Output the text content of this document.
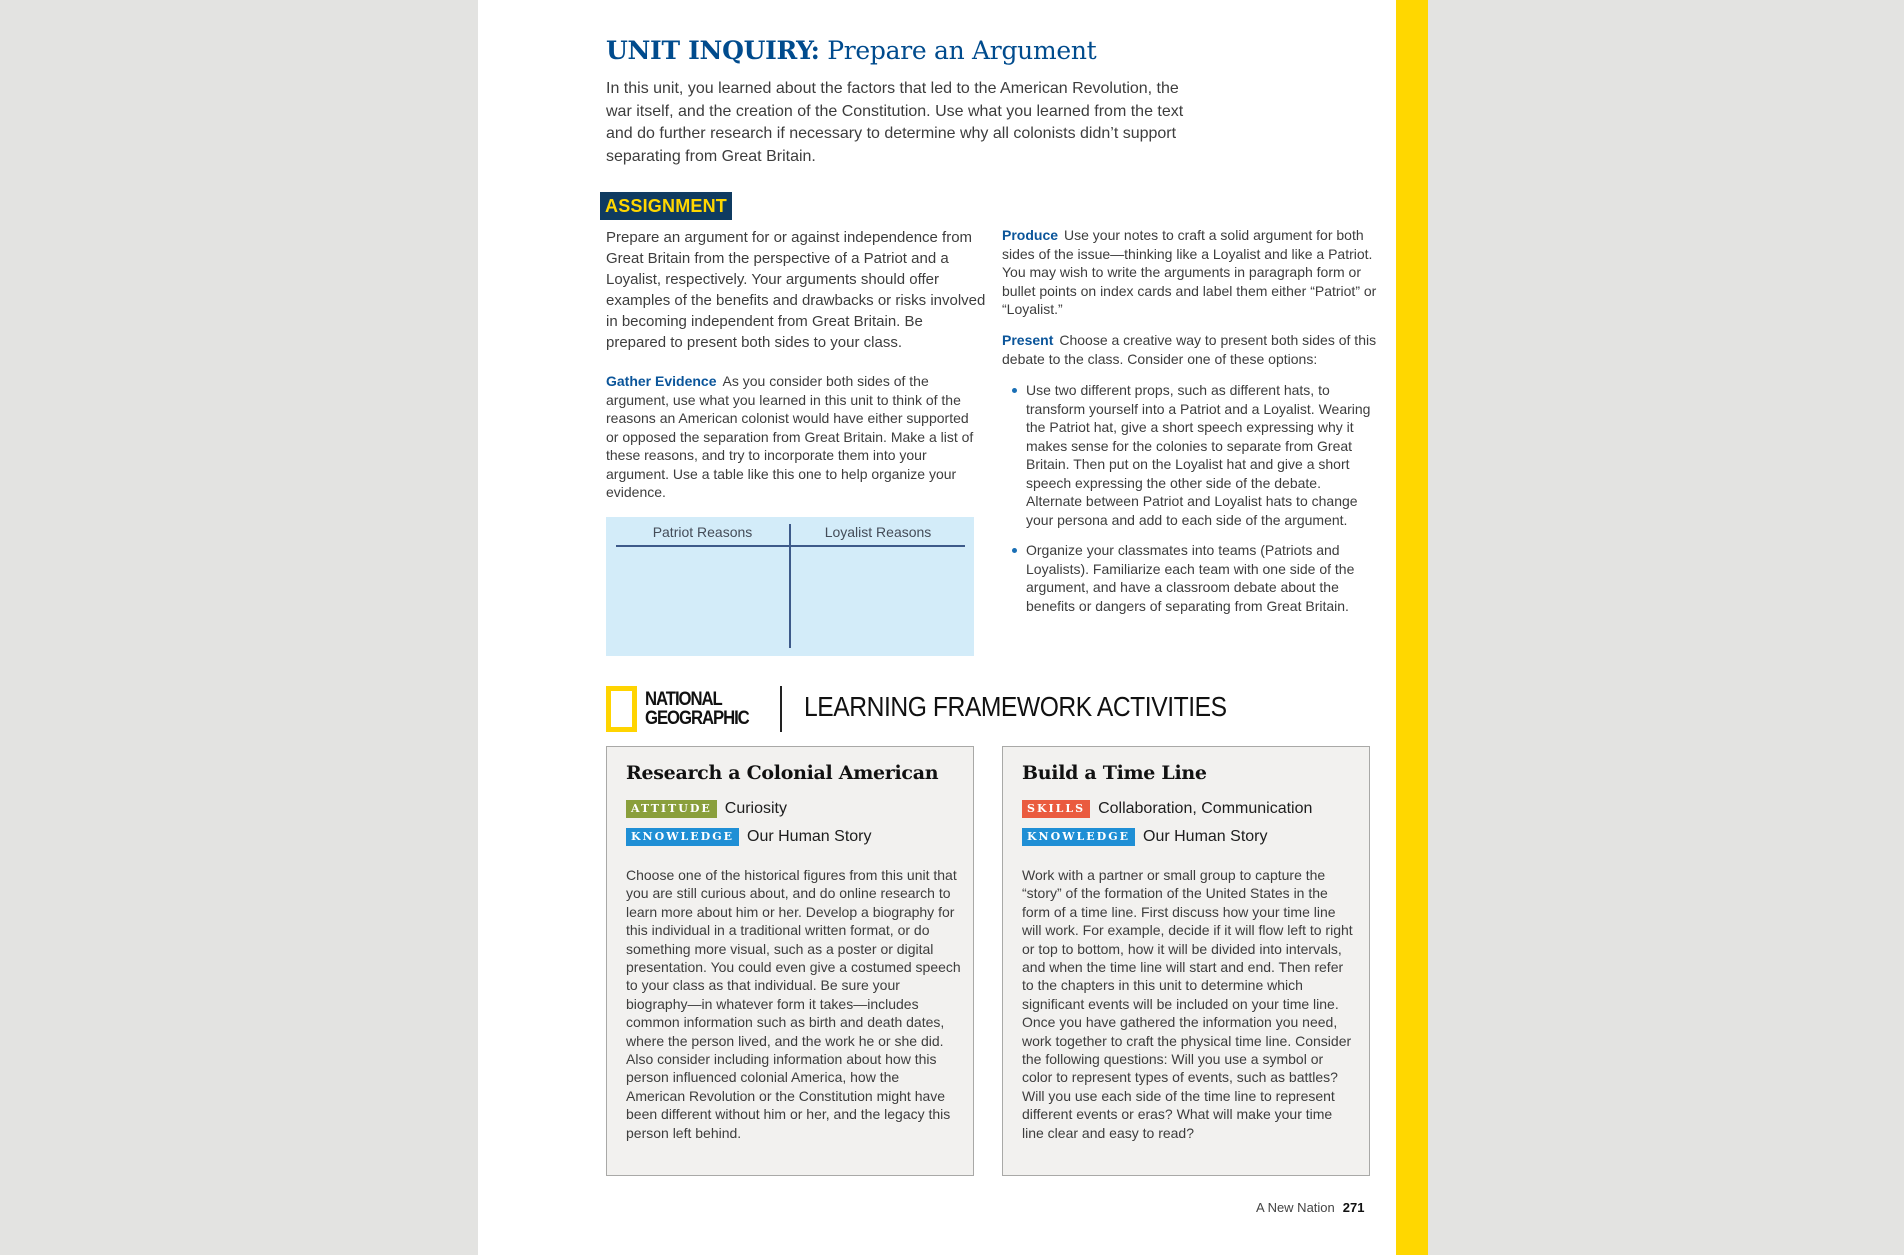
UNIT INQUIRY: Prepare an Argument
In this unit, you learned about the factors that led to the American Revolution, the war itself, and the creation of the Constitution. Use what you learned from the text and do further research if necessary to determine why all colonists didn’t support separating from Great Britain.
ASSIGNMENT
Prepare an argument for or against independence from Great Britain from the perspective of a Patriot and a Loyalist, respectively. Your arguments should offer examples of the benefits and drawbacks or risks involved in becoming independent from Great Britain. Be prepared to present both sides to your class.
Gather Evidence As you consider both sides of the argument, use what you learned in this unit to think of the reasons an American colonist would have either supported or opposed the separation from Great Britain. Make a list of these reasons, and try to incorporate them into your argument. Use a table like this one to help organize your evidence.
Patriot Reasons	Loyalist Reasons
Produce Use your notes to craft a solid argument for both sides of the issue—thinking like a Loyalist and like a Patriot. You may wish to write the arguments in paragraph form or bullet points on index cards and label them either “Patriot” or “Loyalist.”
Present Choose a creative way to present both sides of this debate to the class. Consider one of these options:
Use two different props, such as different hats, to transform yourself into a Patriot and a Loyalist. Wearing the Patriot hat, give a short speech expressing why it makes sense for the colonies to separate from Great Britain. Then put on the Loyalist hat and give a short speech expressing the other side of the debate. Alternate between Patriot and Loyalist hats to change your persona and add to each side of the argument.
Organize your classmates into teams (Patriots and Loyalists). Familiarize each team with one side of the argument, and have a classroom debate about the benefits or dangers of separating from Great Britain.
NATIONAL
GEOGRAPHIC LEARNING FRAMEWORK ACTIVITIES
Research a Colonial American
ATTITUDE Curiosity
KNOWLEDGE Our Human Story
Choose one of the historical figures from this unit that you are still curious about, and do online research to learn more about him or her. Develop a biography for this individual in a traditional written format, or do something more visual, such as a poster or digital presentation. You could even give a costumed speech to your class as that individual. Be sure your biography—in whatever form it takes—includes common information such as birth and death dates, where the person lived, and the work he or she did. Also consider including information about how this person influenced colonial America, how the American Revolution or the Constitution might have been different without him or her, and the legacy this person left behind.
Build a Time Line
SKILLS Collaboration, Communication
KNOWLEDGE Our Human Story
Work with a partner or small group to capture the “story” of the formation of the United States in the form of a time line. First discuss how your time line will work. For example, decide if it will flow left to right or top to bottom, how it will be divided into intervals, and when the time line will start and end. Then refer to the chapters in this unit to determine which significant events will be included on your time line. Once you have gathered the information you need, work together to craft the physical time line. Consider the following questions: Will you use a symbol or color to represent types of events, such as battles? Will you use each side of the time line to represent different events or eras? What will make your time line clear and easy to read?
A New Nation 271
